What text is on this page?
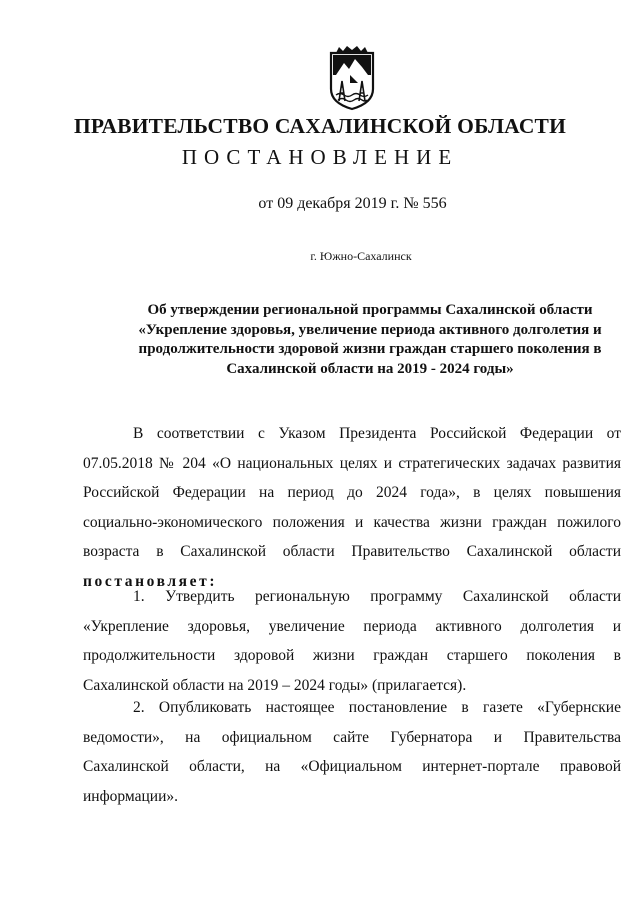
ПРАВИТЕЛЬСТВО САХАЛИНСКОЙ ОБЛАСТИ
ПОСТАНОВЛЕНИЕ
от 09 декабря 2019 г. № 556
г. Южно-Сахалинск
Об утверждении региональной программы Сахалинской области
«Укрепление здоровья, увеличение периода активного долголетия и
продолжительности здоровой жизни граждан старшего поколения в
Сахалинской области на 2019 - 2024 годы»
В соответствии с Указом Президента Российской Федерации от
07.05.2018 № 204 «О национальных целях и стратегических задачах развития
Российской Федерации на период до 2024 года», в целях повышения
социально-экономического положения и качества жизни граждан пожилого
возраста в Сахалинской области Правительство Сахалинской области
постановляет:
1. Утвердить региональную программу Сахалинской области
«Укрепление здоровья, увеличение периода активного долголетия и
продолжительности здоровой жизни граждан старшего поколения в
Сахалинской области на 2019 – 2024 годы» (прилагается).
2. Опубликовать настоящее постановление в газете «Губернские
ведомости», на официальном сайте Губернатора и Правительства
Сахалинской области, на «Официальном интернет-портале правовой
информации».
